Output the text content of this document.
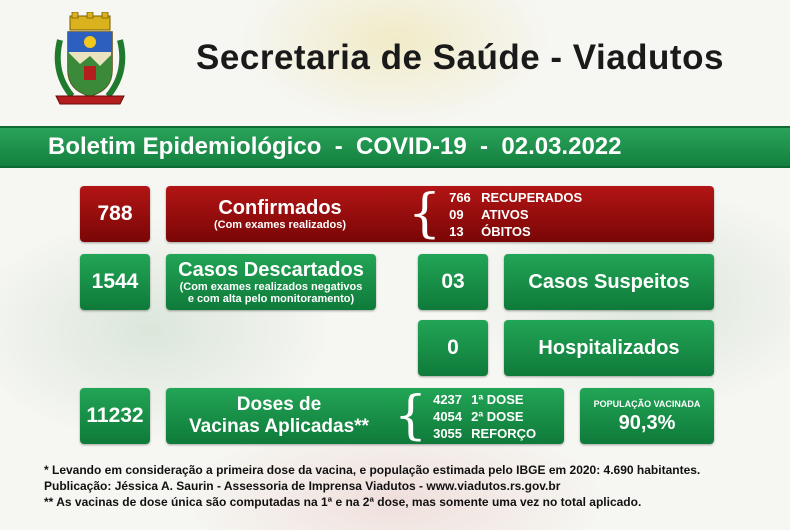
Secretaria de Saúde - Viadutos
Boletim Epidemiológico  -  COVID-19  -  02.03.2022
788	Confirmados
(Com exames realizados) { 766 RECUPERADOS
09	ATIVOS
13	ÓBITOS
1544 Casos Descartados
(Com exames realizados negativos
e com alta pelo monitoramento)
03	Casos Suspeitos
0	Hospitalizados
11232	Doses de
Vacinas Aplicadas** { 4237 1ª DOSE
4054 2ª DOSE
3055 REFORÇO
POPULAÇÃO VACINADA
90,3%
* Levando em consideração a primeira dose da vacina, e população estimada pelo IBGE em 2020: 4.690 habitantes.
Publicação: Jéssica A. Saurin - Assessoria de Imprensa Viadutos - www.viadutos.rs.gov.br
** As vacinas de dose única são computadas na 1ª e na 2ª dose, mas somente uma vez no total aplicado.
